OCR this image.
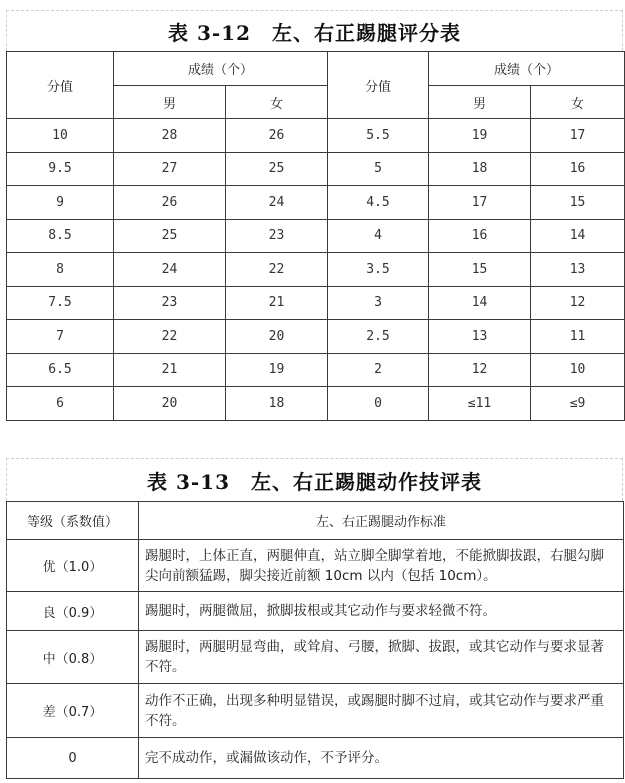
表 3-12　左、右正踢腿评分表
分值	成绩（个）		分值	成绩（个）	
	男	女		男	女
10	28	26	5.5	19	17
9.5	27	25	5	18	16
9	26	24	4.5	17	15
8.5	25	23	4	16	14
8	24	22	3.5	15	13
7.5	23	21	3	14	12
7	22	20	2.5	13	11
6.5	21	19	2	12	10
6	20	18	0	≤11	≤9
表 3-13　左、右正踢腿动作技评表
等级（系数值）	左、右正踢腿动作标准
优（1.0）	踢腿时，上体正直，两腿伸直，站立脚全脚掌着地，不能掀脚拔跟，右腿勾脚尖向前额猛踢，脚尖接近前额 10cm 以内（包括 10cm）。
良（0.9）	踢腿时，两腿微屈，掀脚拔根或其它动作与要求轻微不符。
中（0.8）	踢腿时，两腿明显弯曲，或耸肩、弓腰，掀脚、拔跟，或其它动作与要求显著不符。
差（0.7）	动作不正确，出现多种明显错误，或踢腿时脚不过肩，或其它动作与要求严重不符。
0	完不成动作，或漏做该动作，不予评分。
